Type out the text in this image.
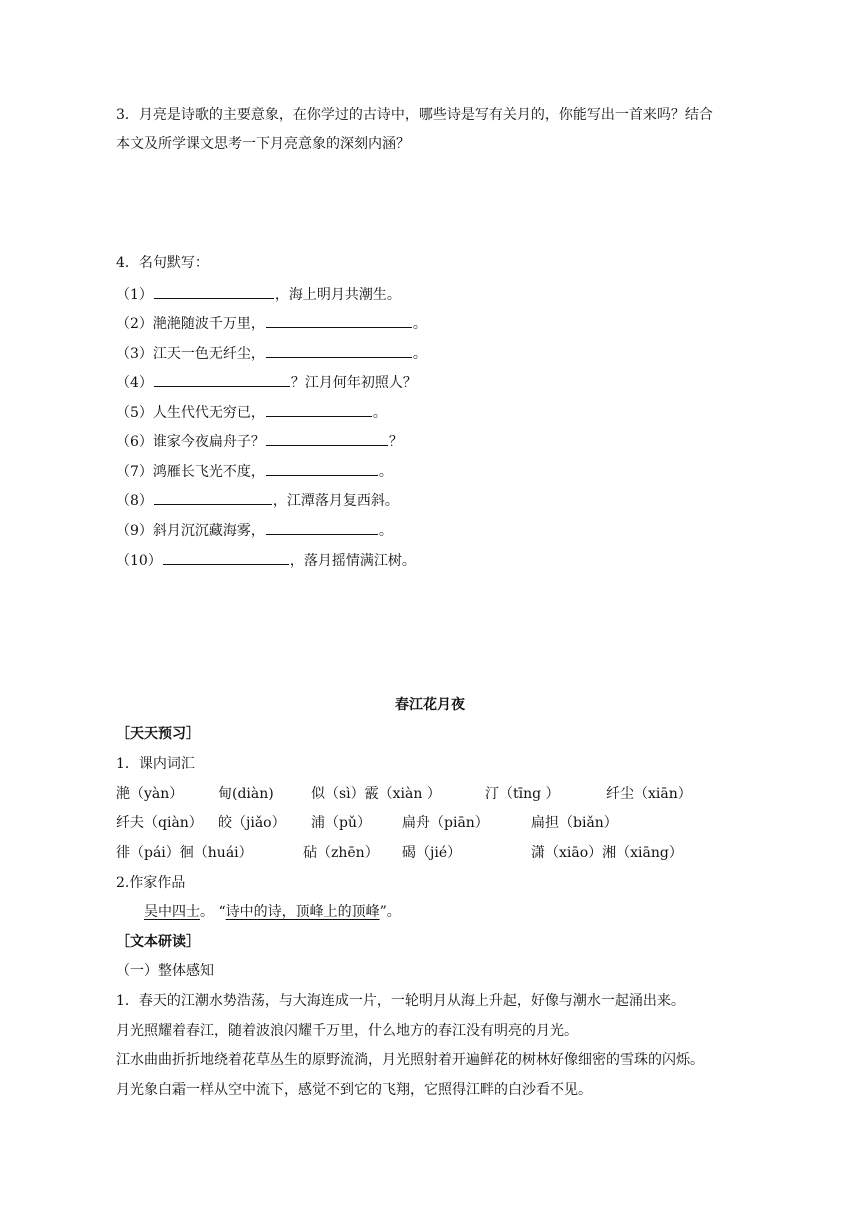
3．月亮是诗歌的主要意象，在你学过的古诗中，哪些诗是写有关月的，你能写出一首来吗？结合
本文及所学课文思考一下月亮意象的深刻内涵？
4．名句默写：
（1）	，海上明月共潮生。
（2）滟滟随波千万里，	。
（3）江天一色无纤尘，	。
（4）	？江月何年初照人？
（5）人生代代无穷已，	。
（6）谁家今夜扁舟子？	？
（7）鸿雁长飞光不度，	。
（8）	，江潭落月复西斜。
（9）斜月沉沉藏海雾，	。
（10）	，落月摇情满江树。
春江花月夜
［天天预习］
1．课内词汇
滟（yàn） 甸(diàn)	似（sì）霰（xiàn ）	汀（tīng ）	纤尘（xiān）
纤夫（qiàn） 皎（jiǎo） 浦（pǔ） 扁舟（piān）	扁担（biǎn）
徘（pái）徊（huái）	砧（zhēn） 碣（jié）	潇（xiāo）湘（xiāng）
2.作家作品
吴中四士。 “诗中的诗，顶峰上的顶峰”。
［文本研读］
（一）整体感知
1．春天的江潮水势浩荡，与大海连成一片，一轮明月从海上升起，好像与潮水一起涌出来。
月光照耀着春江，随着波浪闪耀千万里，什么地方的春江没有明亮的月光。
江水曲曲折折地绕着花草丛生的原野流淌，月光照射着开遍鲜花的树林好像细密的雪珠的闪烁。
月光象白霜一样从空中流下，感觉不到它的飞翔，它照得江畔的白沙看不见。
